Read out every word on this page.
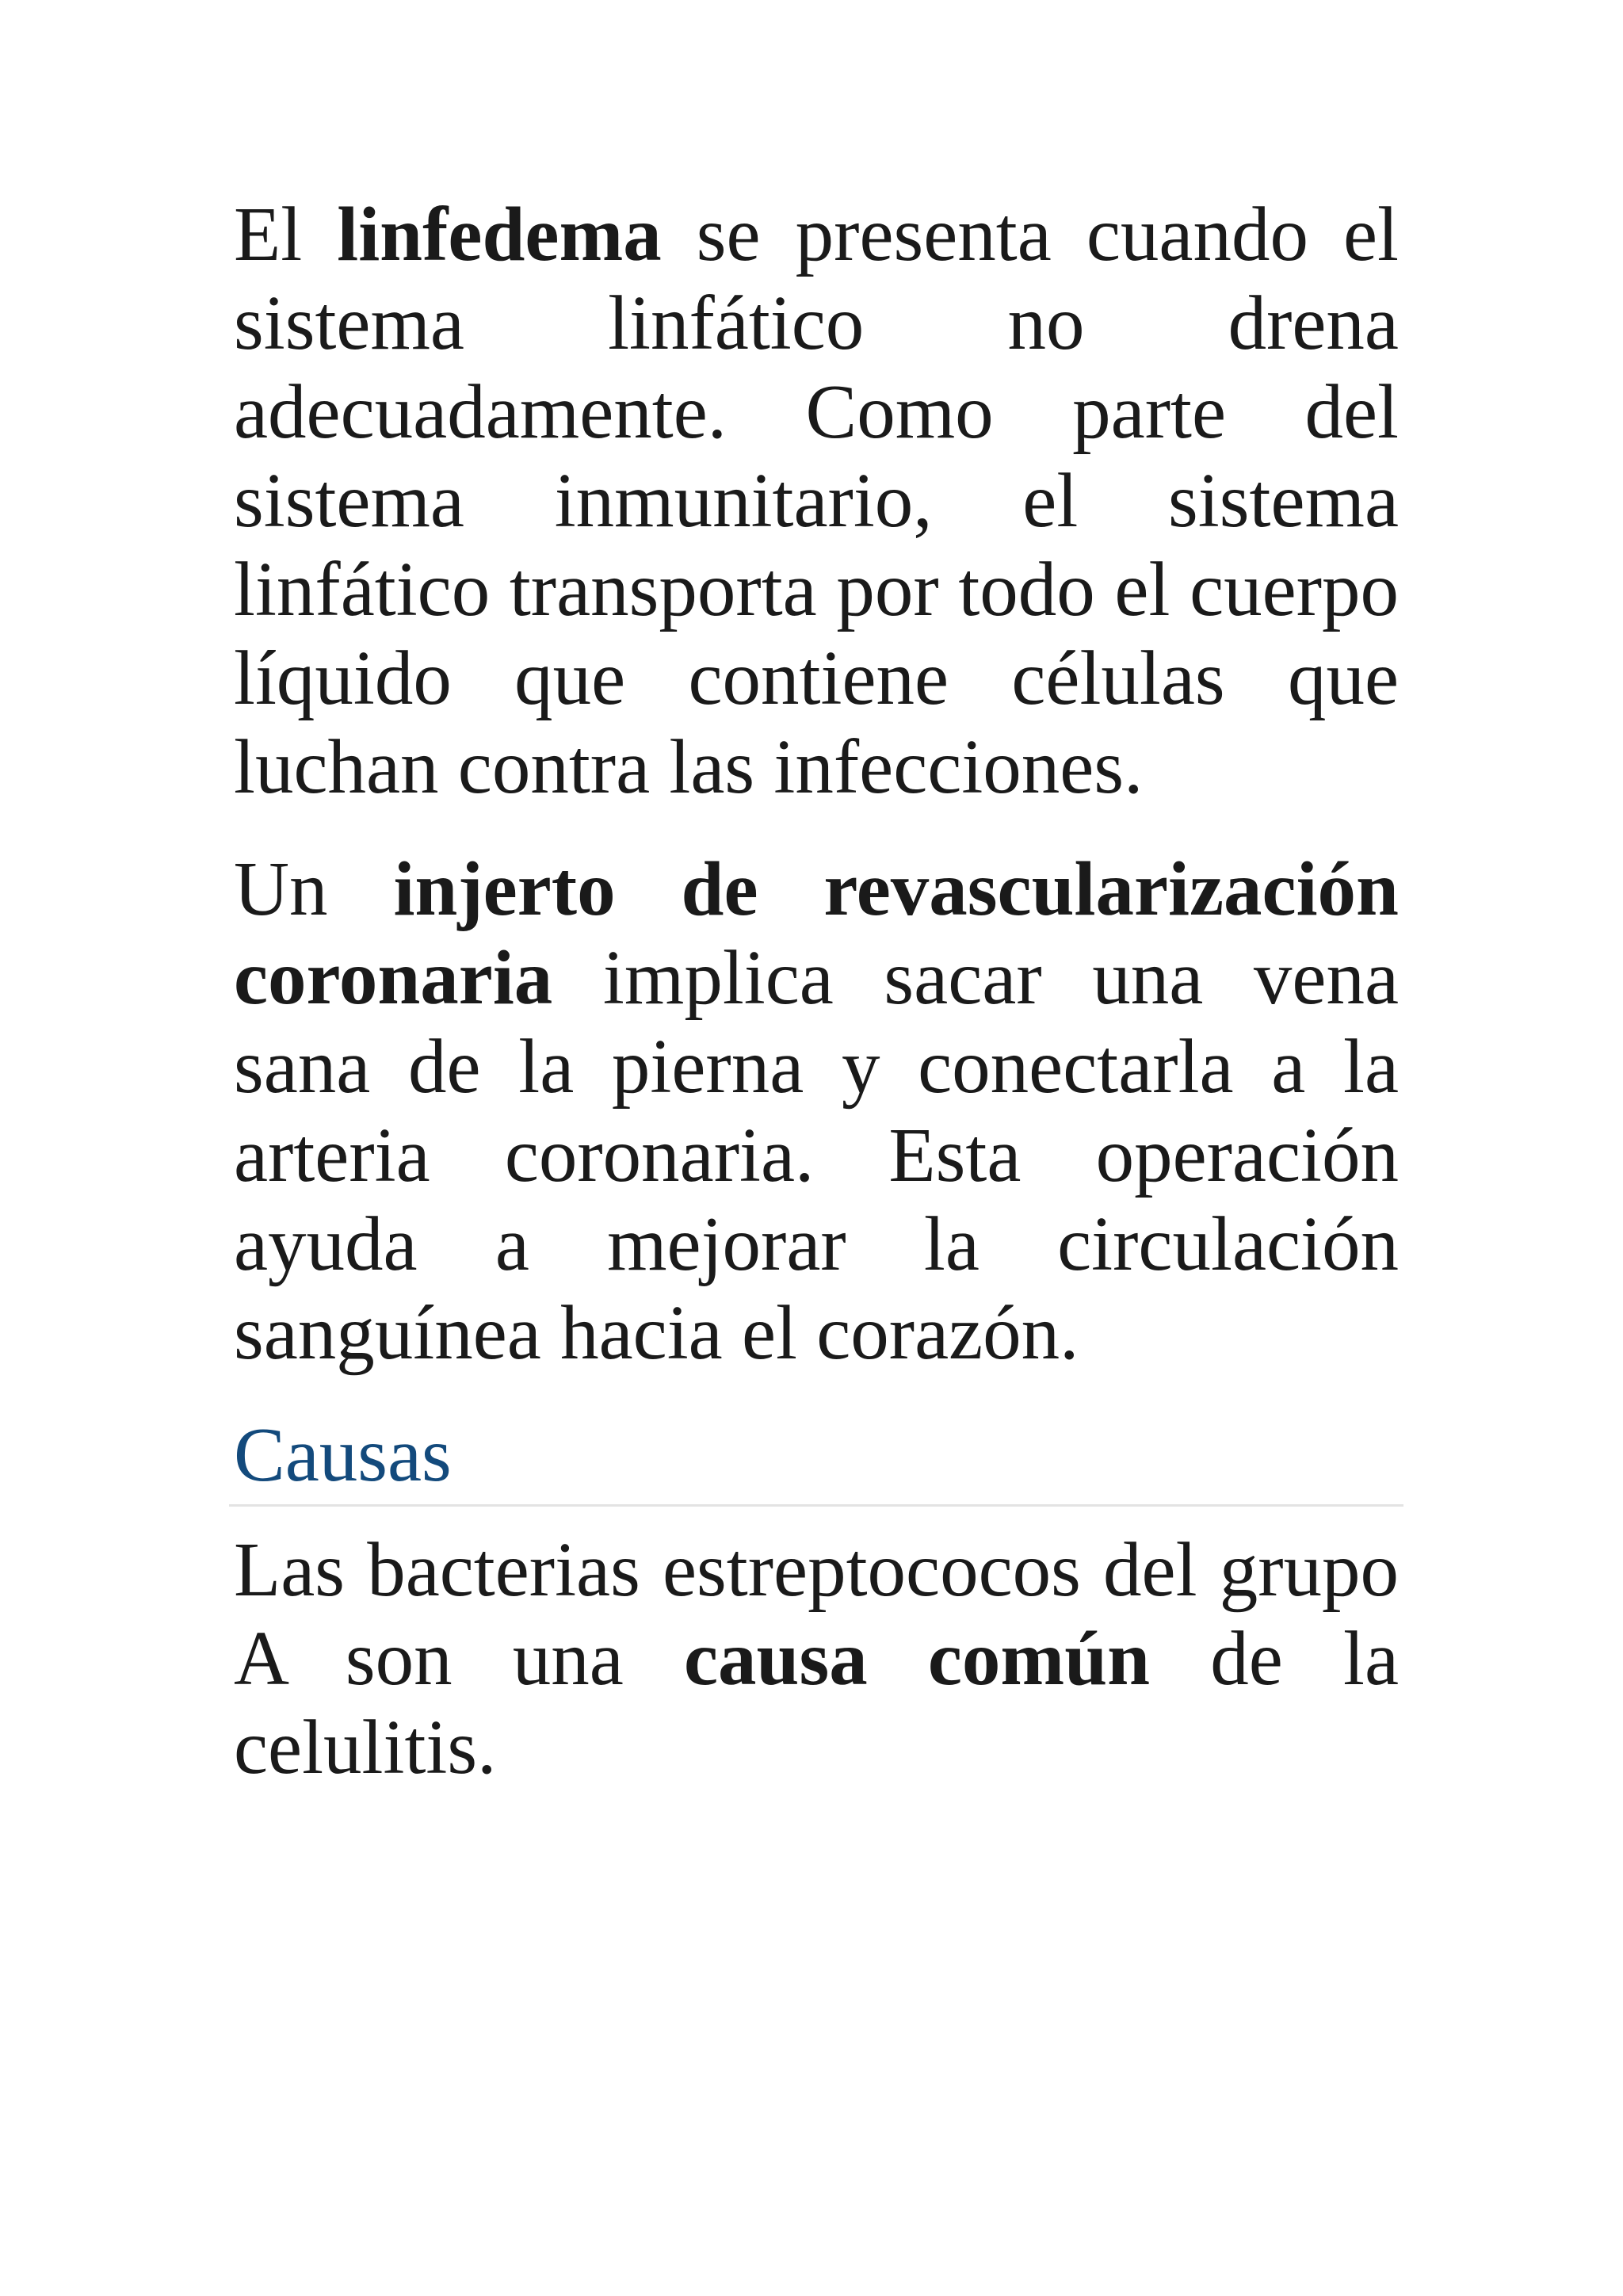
El linfedema se presenta cuando el sistema linfático no drena adecuadamente. Como parte del sistema inmunitario, el sistema linfático transporta por todo el cuerpo líquido que contiene células que luchan contra las infecciones.

Un injerto de revascularización coronaria implica sacar una vena sana de la pierna y conectarla a la arteria coronaria. Esta operación ayuda a mejorar la circulación sanguínea hacia el corazón.

Causas

Las bacterias estreptococos del grupo A son una causa común de la celulitis.
